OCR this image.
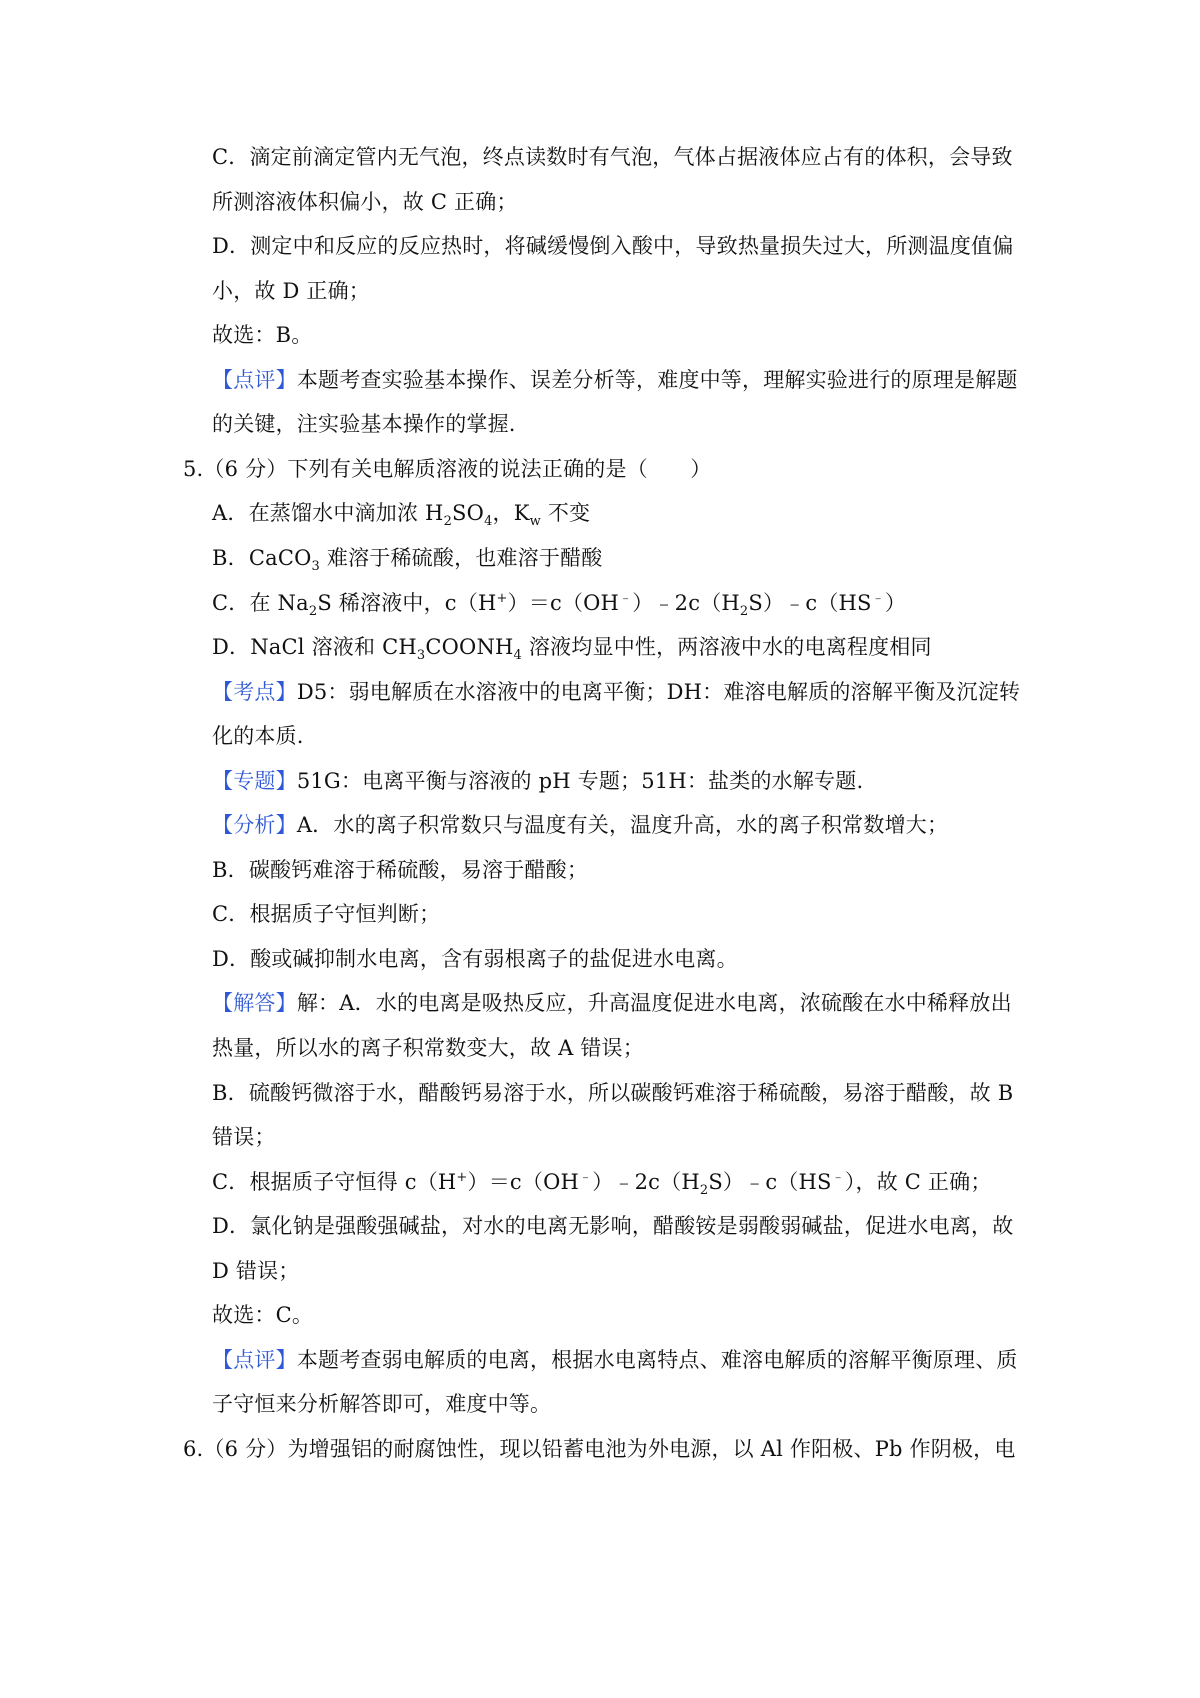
C．滴定前滴定管内无气泡，终点读数时有气泡，气体占据液体应占有的体积，会导致
所测溶液体积偏小，故 C 正确；
D．测定中和反应的反应热时，将碱缓慢倒入酸中，导致热量损失过大，所测温度值偏
小，故 D 正确；
故选：B。
【点评】本题考查实验基本操作、误差分析等，难度中等，理解实验进行的原理是解题
的关键，注实验基本操作的掌握.
5.（6 分）下列有关电解质溶液的说法正确的是（　　）
A．在蒸馏水中滴加浓 $H_2SO_4$，$K_w$ 不变
B．CaCO$_3$ 难溶于稀硫酸，也难溶于醋酸
C．在 $Na_2S$ 稀溶液中，$c(H^+)=c(OH^﹣)﹣2c(H_2S)﹣c(HS^﹣)$
D．NaCl 溶液和 $CH_3COONH_4$ 溶液均显中性，两溶液中水的电离程度相同
【考点】D5：弱电解质在水溶液中的电离平衡；DH：难溶电解质的溶解平衡及沉淀转
化的本质.
【专题】51G：电离平衡与溶液的 pH 专题；51H：盐类的水解专题.
【分析】A．水的离子积常数只与温度有关，温度升高，水的离子积常数增大；
B．碳酸钙难溶于稀硫酸，易溶于醋酸；
C．根据质子守恒判断；
D．酸或碱抑制水电离，含有弱根离子的盐促进水电离。
【解答】解：A．水的电离是吸热反应，升高温度促进水电离，浓硫酸在水中稀释放出
热量，所以水的离子积常数变大，故 A 错误；
B．硫酸钙微溶于水，醋酸钙易溶于水，所以碳酸钙难溶于稀硫酸，易溶于醋酸，故 B
错误；
C．根据质子守恒得 $c(H^+)=c(OH^﹣)﹣2c(H_2S)﹣c(HS^﹣)$，故 C 正确；
D．氯化钠是强酸强碱盐，对水的电离无影响，醋酸铵是弱酸弱碱盐，促进水电离，故
D 错误；
故选：C。
【点评】本题考查弱电解质的电离，根据水电离特点、难溶电解质的溶解平衡原理、质
子守恒来分析解答即可，难度中等。
6.（6 分）为增强铝的耐腐蚀性，现以铅蓄电池为外电源，以 Al 作阳极、Pb 作阴极，电
